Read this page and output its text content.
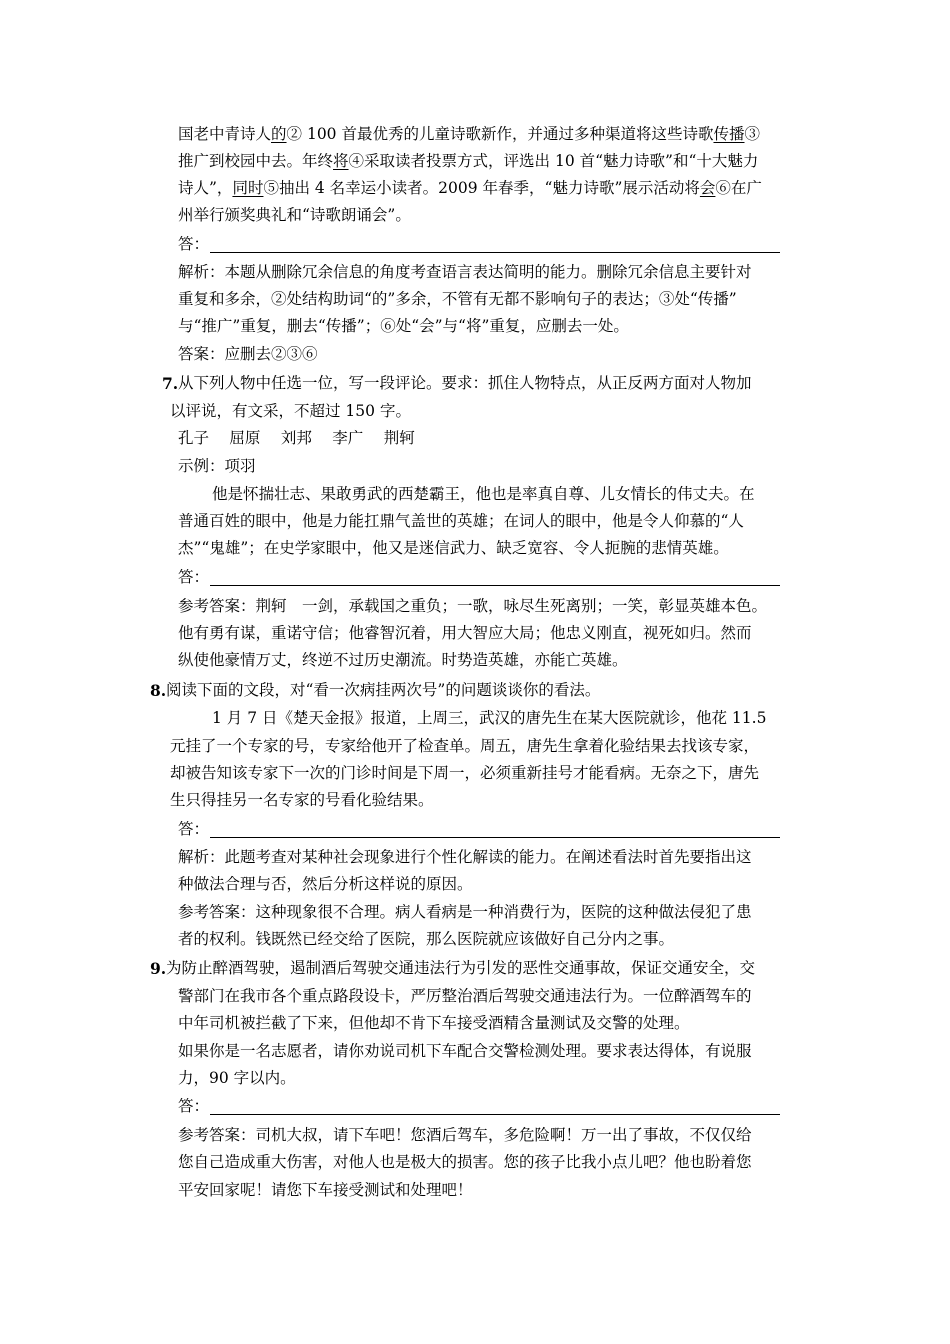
国老中青诗人的② 100 首最优秀的儿童诗歌新作，并通过多种渠道将这些诗歌传播③
推广到校园中去。年终将④采取读者投票方式，评选出 10 首“魅力诗歌”和“十大魅力
诗人”，同时⑤抽出 4 名幸运小读者。2009 年春季，“魅力诗歌”展示活动将会⑥在广
州举行颁奖典礼和“诗歌朗诵会”。
答：
解析：本题从删除冗余信息的角度考查语言表达简明的能力。删除冗余信息主要针对
重复和多余，②处结构助词“的”多余，不管有无都不影响句子的表达；③处“传播”
与“推广”重复，删去“传播”；⑥处“会”与“将”重复，应删去一处。
答案：应删去②③⑥
7. 从下列人物中任选一位，写一段评论。要求：抓住人物特点，从正反两方面对人物加
以评说，有文采，不超过 150 字。
孔子　 屈原　 刘邦　 李广　 荆轲
示例：项羽
他是怀揣壮志、果敢勇武的西楚霸王，他也是率真自尊、儿女情长的伟丈夫。在
普通百姓的眼中，他是力能扛鼎气盖世的英雄；在词人的眼中，他是令人仰慕的“人
杰”“鬼雄”；在史学家眼中，他又是迷信武力、缺乏宽容、令人扼腕的悲情英雄。
答：
参考答案：荆轲　一剑，承载国之重负；一歌，咏尽生死离别；一笑，彰显英雄本色。
他有勇有谋，重诺守信；他睿智沉着，用大智应大局；他忠义刚直，视死如归。然而
纵使他豪情万丈，终逆不过历史潮流。时势造英雄，亦能亡英雄。
8. 阅读下面的文段，对“看一次病挂两次号”的问题谈谈你的看法。
1 月 7 日《楚天金报》报道，上周三，武汉的唐先生在某大医院就诊，他花 11.5
元挂了一个专家的号，专家给他开了检查单。周五，唐先生拿着化验结果去找该专家，
却被告知该专家下一次的门诊时间是下周一，必须重新挂号才能看病。无奈之下，唐先
生只得挂另一名专家的号看化验结果。
答：
解析：此题考查对某种社会现象进行个性化解读的能力。在阐述看法时首先要指出这
种做法合理与否，然后分析这样说的原因。
参考答案：这种现象很不合理。病人看病是一种消费行为，医院的这种做法侵犯了患
者的权利。钱既然已经交给了医院，那么医院就应该做好自己分内之事。
9. 为防止醉酒驾驶，遏制酒后驾驶交通违法行为引发的恶性交通事故，保证交通安全，交
警部门在我市各个重点路段设卡，严厉整治酒后驾驶交通违法行为。一位醉酒驾车的
中年司机被拦截了下来，但他却不肯下车接受酒精含量测试及交警的处理。
如果你是一名志愿者，请你劝说司机下车配合交警检测处理。要求表达得体，有说服
力，90 字以内。
答：
参考答案：司机大叔，请下车吧！您酒后驾车，多危险啊！万一出了事故，不仅仅给
您自己造成重大伤害，对他人也是极大的损害。您的孩子比我小点儿吧？他也盼着您
平安回家呢！请您下车接受测试和处理吧！
